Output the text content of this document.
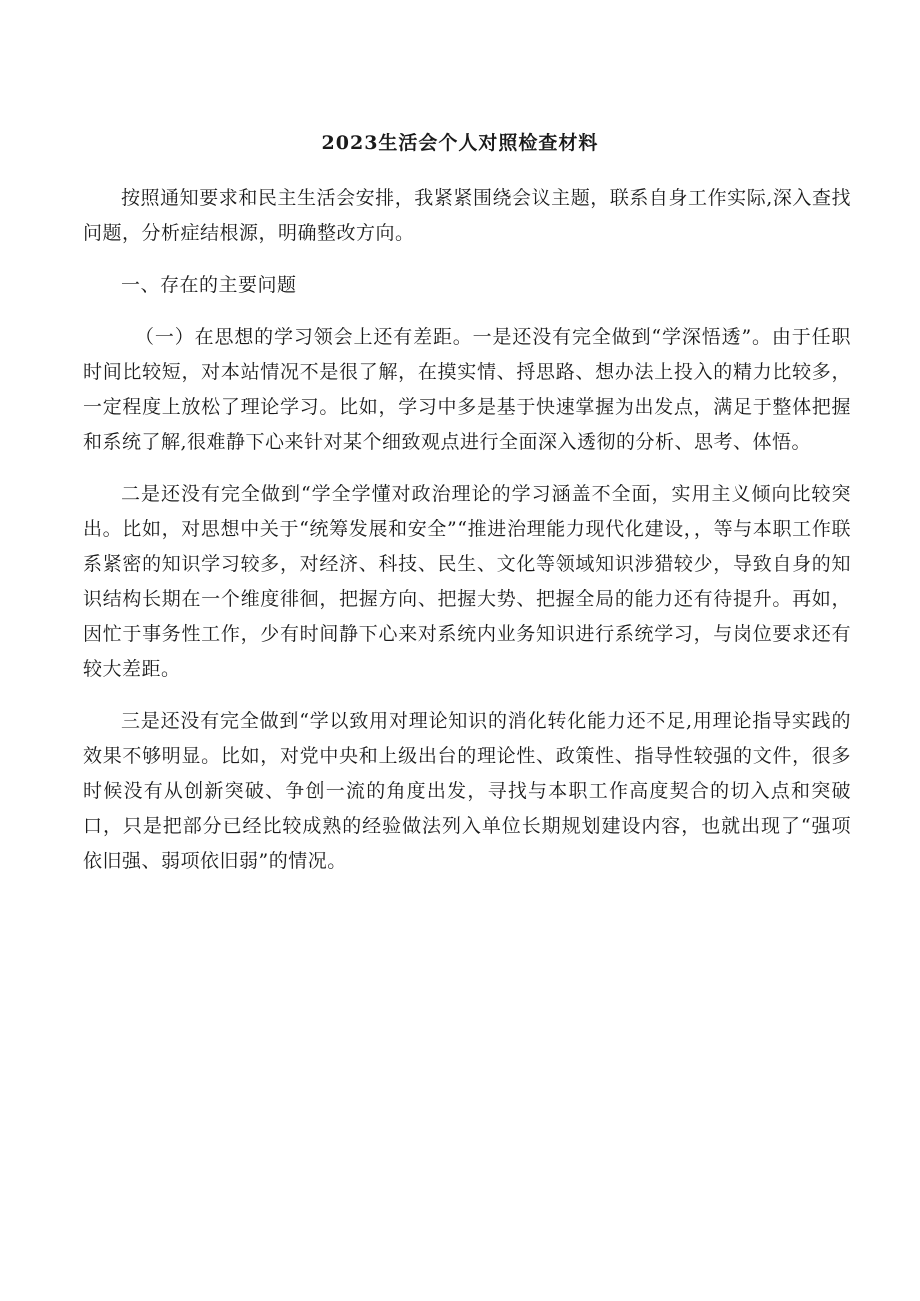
2023生活会个人对照检查材料

按照通知要求和民主生活会安排，我紧紧围绕会议主题，联系自身工作实际,深入查找问题，分析症结根源，明确整改方向。

一、存在的主要问题

（一）在思想的学习领会上还有差距。一是还没有完全做到“学深悟透”。由于任职时间比较短，对本站情况不是很了解，在摸实情、捋思路、想办法上投入的精力比较多，一定程度上放松了理论学习。比如，学习中多是基于快速掌握为出发点，满足于整体把握和系统了解,很难静下心来针对某个细致观点进行全面深入透彻的分析、思考、体悟。

二是还没有完全做到“学全学懂对政治理论的学习涵盖不全面，实用主义倾向比较突出。比如，对思想中关于“统筹发展和安全”“推进治理能力现代化建设，，等与本职工作联系紧密的知识学习较多，对经济、科技、民生、文化等领域知识涉猎较少，导致自身的知识结构长期在一个维度徘徊，把握方向、把握大势、把握全局的能力还有待提升。再如，因忙于事务性工作，少有时间静下心来对系统内业务知识进行系统学习，与岗位要求还有较大差距。

三是还没有完全做到“学以致用对理论知识的消化转化能力还不足,用理论指导实践的效果不够明显。比如，对党中央和上级出台的理论性、政策性、指导性较强的文件，很多时候没有从创新突破、争创一流的角度出发，寻找与本职工作高度契合的切入点和突破口，只是把部分已经比较成熟的经验做法列入单位长期规划建设内容，也就出现了“强项依旧强、弱项依旧弱”的情况。
